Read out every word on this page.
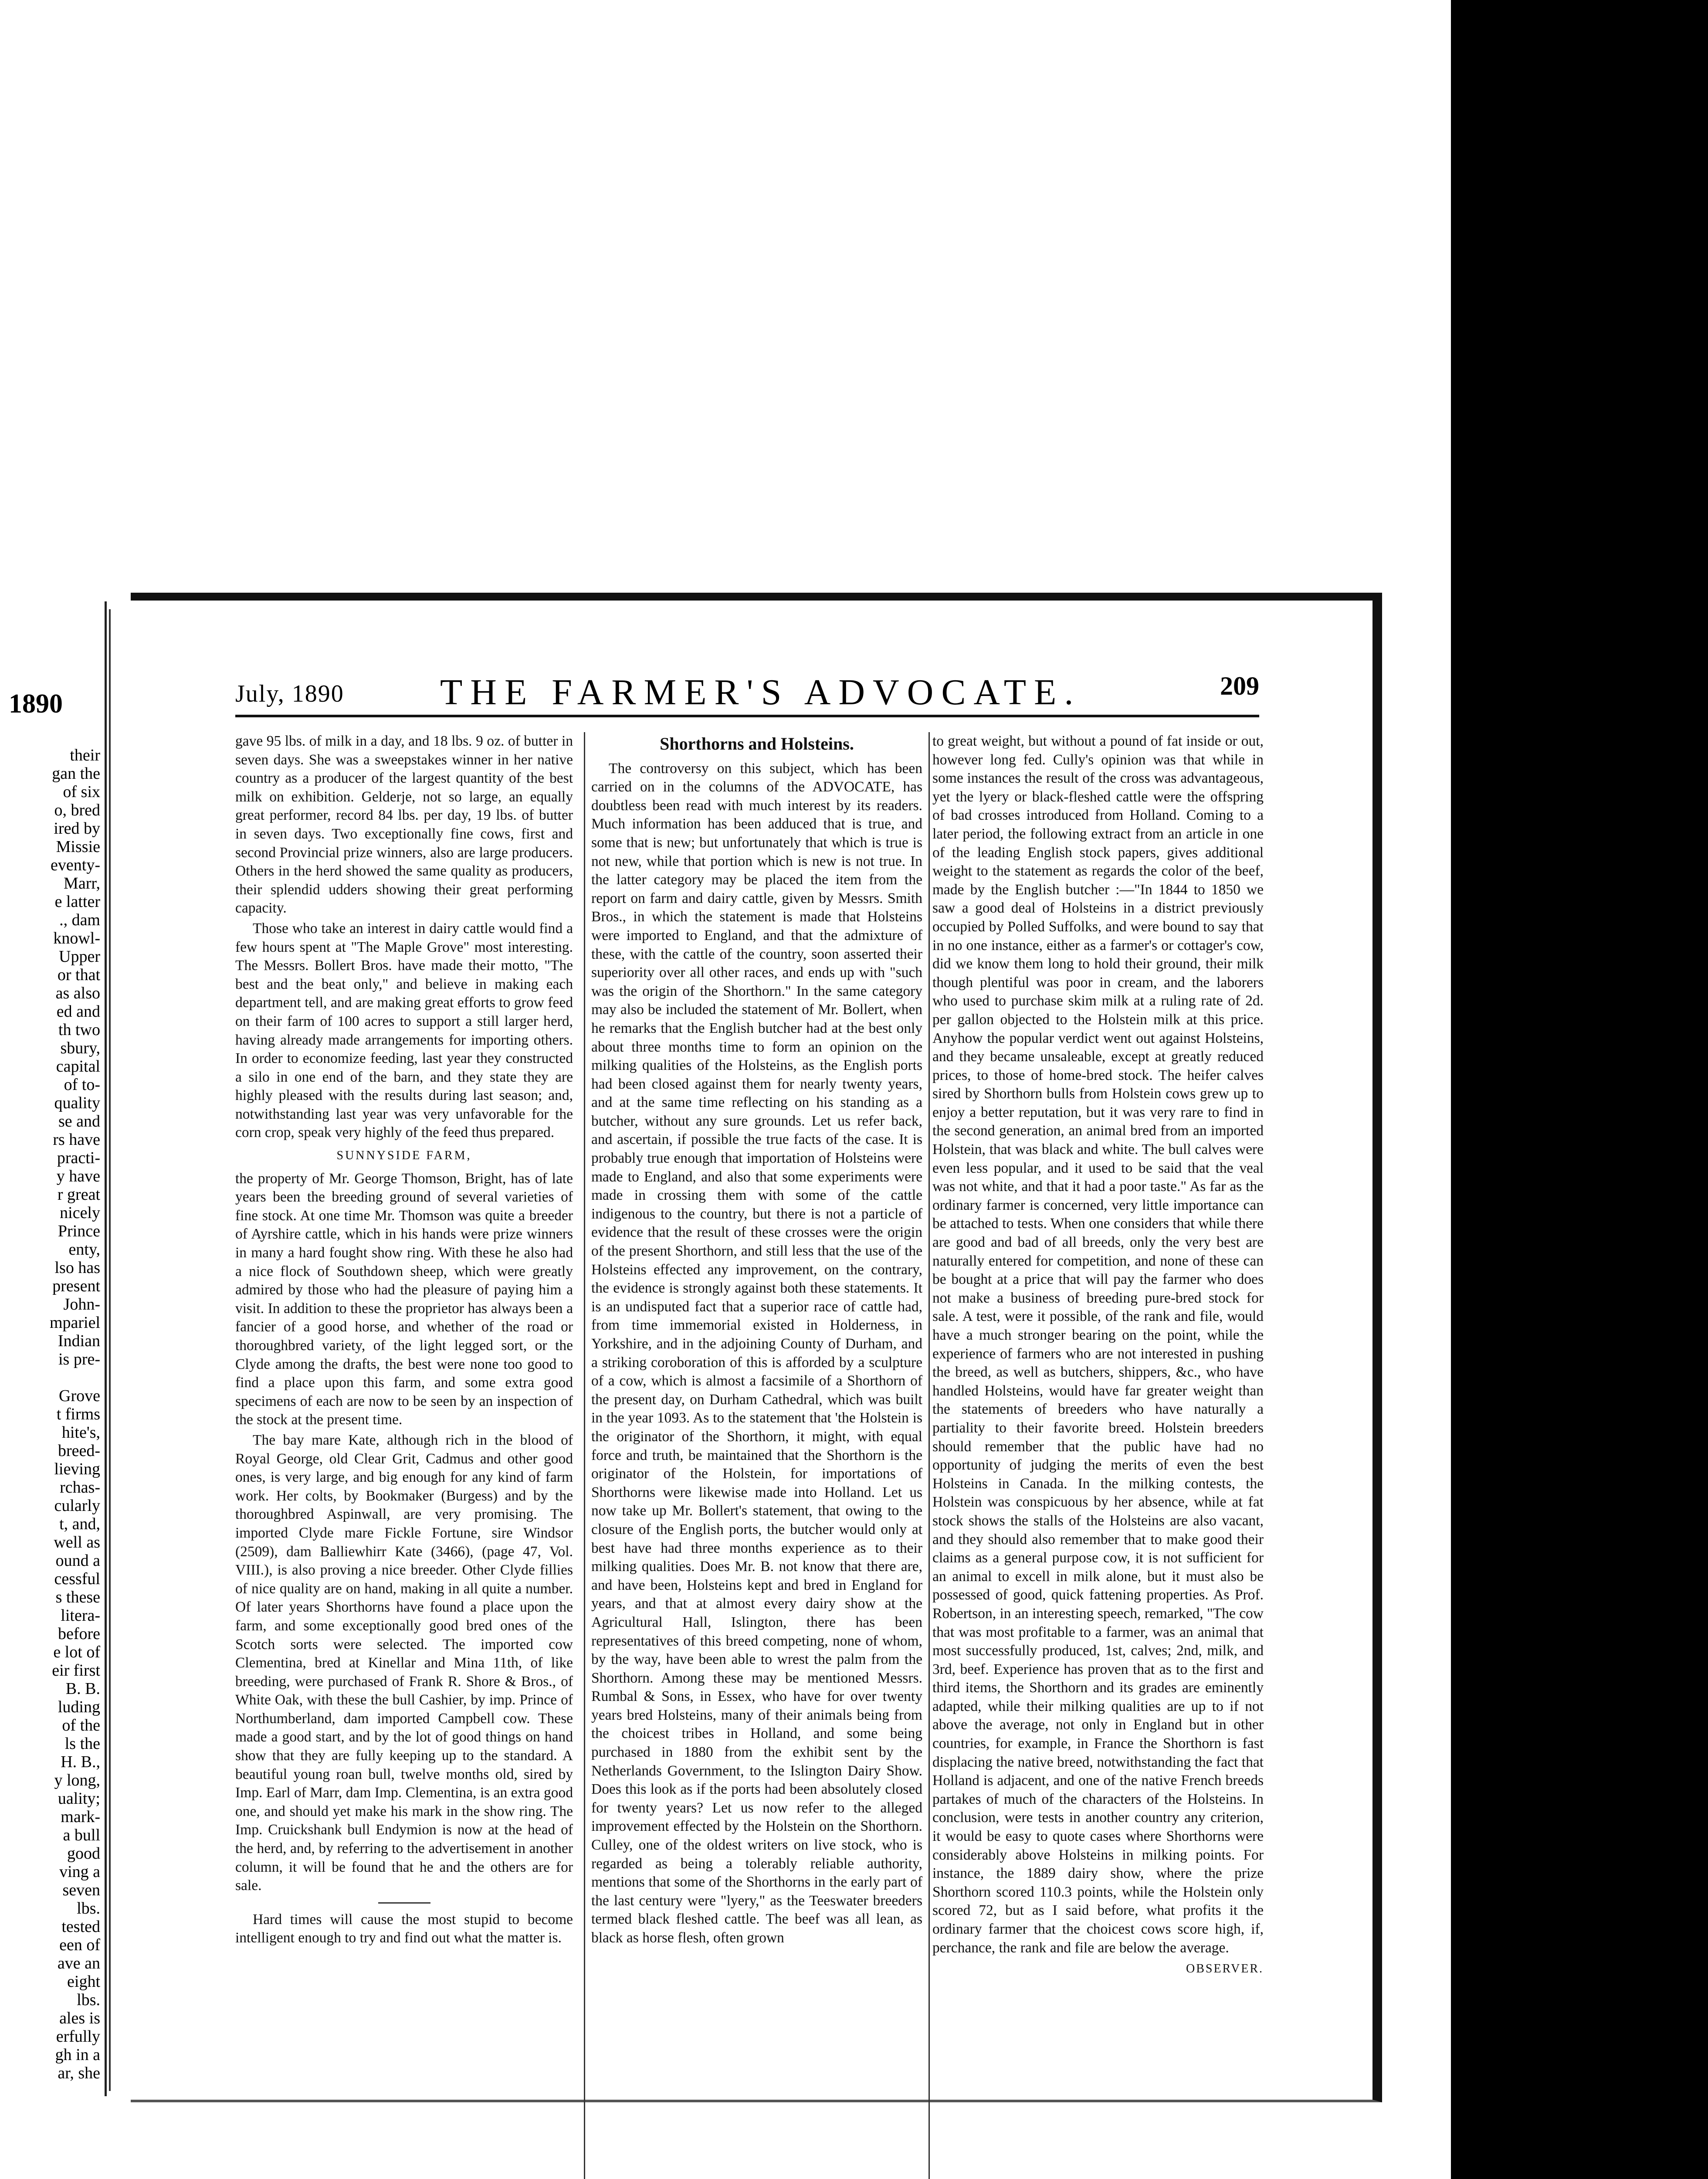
1890
their
gan the
of six
o, bred
ired by
Missie
eventy-
Marr,
e latter
., dam
knowl-
Upper
or that
as also
ed and
th two
sbury,
capital
of to-
quality
se and
rs have
practi-
y have
r great
nicely
Prince
enty,
lso has
present
John-
mpariel
Indian
is pre-
Grove
t firms
hite's,
breed-
lieving
rchas-
cularly
t, and,
well as
ound a
cessful
s these
litera-
before
e lot of
eir first
B. B.
luding
of the
ls the
H. B.,
y long,
uality;
mark-
a bull
good
ving a
seven
lbs.
tested
een of
ave an
eight
lbs.
ales is
erfully
gh in a
ar, she
July, 1890	THE FARMER'S ADVOCATE.	209

gave 95 lbs. of milk in a day, and 18 lbs. 9 oz. of butter in seven days. She was a sweepstakes winner in her native country as a producer of the largest quantity of the best milk on exhibition. Gelderje, not so large, an equally great performer, record 84 lbs. per day, 19 lbs. of butter in seven days. Two exceptionally fine cows, first and second Provincial prize winners, also are large producers. Others in the herd showed the same quality as producers, their splendid udders showing their great performing capacity.

Those who take an interest in dairy cattle would find a few hours spent at "The Maple Grove" most interesting. The Messrs. Bollert Bros. have made their motto, "The best and the beat only," and believe in making each department tell, and are making great efforts to grow feed on their farm of 100 acres to support a still larger herd, having already made arrangements for importing others. In order to economize feeding, last year they constructed a silo in one end of the barn, and they state they are highly pleased with the results during last season; and, notwithstanding last year was very unfavorable for the corn crop, speak very highly of the feed thus prepared.

SUNNYSIDE FARM,

the property of Mr. George Thomson, Bright, has of late years been the breeding ground of several varieties of fine stock. At one time Mr. Thomson was quite a breeder of Ayrshire cattle, which in his hands were prize winners in many a hard fought show ring. With these he also had a nice flock of Southdown sheep, which were greatly admired by those who had the pleasure of paying him a visit. In addition to these the proprietor has always been a fancier of a good horse, and whether of the road or thoroughbred variety, of the light legged sort, or the Clyde among the drafts, the best were none too good to find a place upon this farm, and some extra good specimens of each are now to be seen by an inspection of the stock at the present time.

The bay mare Kate, although rich in the blood of Royal George, old Clear Grit, Cadmus and other good ones, is very large, and big enough for any kind of farm work. Her colts, by Bookmaker (Burgess) and by the thoroughbred Aspinwall, are very promising. The imported Clyde mare Fickle Fortune, sire Windsor (2509), dam Balliewhirr Kate (3466), (page 47, Vol. VIII.), is also proving a nice breeder. Other Clyde fillies of nice quality are on hand, making in all quite a number. Of later years Shorthorns have found a place upon the farm, and some exceptionally good bred ones of the Scotch sorts were selected. The imported cow Clementina, bred at Kinellar and Mina 11th, of like breeding, were purchased of Frank R. Shore & Bros., of White Oak, with these the bull Cashier, by imp. Prince of Northumberland, dam imported Campbell cow. These made a good start, and by the lot of good things on hand show that they are fully keeping up to the standard. A beautiful young roan bull, twelve months old, sired by Imp. Earl of Marr, dam Imp. Clementina, is an extra good one, and should yet make his mark in the show ring. The Imp. Cruickshank bull Endymion is now at the head of the herd, and, by referring to the advertisement in another column, it will be found that he and the others are for sale.

Hard times will cause the most stupid to become intelligent enough to try and find out what the matter is.

Shorthorns and Holsteins.

The controversy on this subject, which has been carried on in the columns of the ADVOCATE, has doubtless been read with much interest by its readers. Much information has been adduced that is true, and some that is new; but unfortunately that which is true is not new, while that portion which is new is not true. In the latter category may be placed the item from the report on farm and dairy cattle, given by Messrs. Smith Bros., in which the statement is made that Holsteins were imported to England, and that the admixture of these, with the cattle of the country, soon asserted their superiority over all other races, and ends up with "such was the origin of the Shorthorn." In the same category may also be included the statement of Mr. Bollert, when he remarks that the English butcher had at the best only about three months time to form an opinion on the milking qualities of the Holsteins, as the English ports had been closed against them for nearly twenty years, and at the same time reflecting on his standing as a butcher, without any sure grounds. Let us refer back, and ascertain, if possible the true facts of the case. It is probably true enough that importation of Holsteins were made to England, and also that some experiments were made in crossing them with some of the cattle indigenous to the country, but there is not a particle of evidence that the result of these crosses were the origin of the present Shorthorn, and still less that the use of the Holsteins effected any improvement, on the contrary, the evidence is strongly against both these statements. It is an undisputed fact that a superior race of cattle had, from time immemorial existed in Holderness, in Yorkshire, and in the adjoining County of Durham, and a striking coroboration of this is afforded by a sculpture of a cow, which is almost a facsimile of a Shorthorn of the present day, on Durham Cathedral, which was built in the year 1093. As to the statement that 'the Holstein is the originator of the Shorthorn, it might, with equal force and truth, be maintained that the Shorthorn is the originator of the Holstein, for importations of Shorthorns were likewise made into Holland. Let us now take up Mr. Bollert's statement, that owing to the closure of the English ports, the butcher would only at best have had three months experience as to their milking qualities. Does Mr. B. not know that there are, and have been, Holsteins kept and bred in England for years, and that at almost every dairy show at the Agricultural Hall, Islington, there has been representatives of this breed competing, none of whom, by the way, have been able to wrest the palm from the Shorthorn. Among these may be mentioned Messrs. Rumbal & Sons, in Essex, who have for over twenty years bred Holsteins, many of their animals being from the choicest tribes in Holland, and some being purchased in 1880 from the exhibit sent by the Netherlands Government, to the Islington Dairy Show. Does this look as if the ports had been absolutely closed for twenty years? Let us now refer to the alleged improvement effected by the Holstein on the Shorthorn. Culley, one of the oldest writers on live stock, who is regarded as being a tolerably reliable authority, mentions that some of the Shorthorns in the early part of the last century were "lyery," as the Teeswater breeders termed black fleshed cattle. The beef was all lean, as black as horse flesh, often grown

to great weight, but without a pound of fat inside or out, however long fed. Cully's opinion was that while in some instances the result of the cross was advantageous, yet the lyery or black-fleshed cattle were the offspring of bad crosses introduced from Holland. Coming to a later period, the following extract from an article in one of the leading English stock papers, gives additional weight to the statement as regards the color of the beef, made by the English butcher :—"In 1844 to 1850 we saw a good deal of Holsteins in a district previously occupied by Polled Suffolks, and were bound to say that in no one instance, either as a farmer's or cottager's cow, did we know them long to hold their ground, their milk though plentiful was poor in cream, and the laborers who used to purchase skim milk at a ruling rate of 2d. per gallon objected to the Holstein milk at this price. Anyhow the popular verdict went out against Holsteins, and they became unsaleable, except at greatly reduced prices, to those of home-bred stock. The heifer calves sired by Shorthorn bulls from Holstein cows grew up to enjoy a better reputation, but it was very rare to find in the second generation, an animal bred from an imported Holstein, that was black and white. The bull calves were even less popular, and it used to be said that the veal was not white, and that it had a poor taste." As far as the ordinary farmer is concerned, very little importance can be attached to tests. When one considers that while there are good and bad of all breeds, only the very best are naturally entered for competition, and none of these can be bought at a price that will pay the farmer who does not make a business of breeding pure-bred stock for sale. A test, were it possible, of the rank and file, would have a much stronger bearing on the point, while the experience of farmers who are not interested in pushing the breed, as well as butchers, shippers, &c., who have handled Holsteins, would have far greater weight than the statements of breeders who have naturally a partiality to their favorite breed. Holstein breeders should remember that the public have had no opportunity of judging the merits of even the best Holsteins in Canada. In the milking contests, the Holstein was conspicuous by her absence, while at fat stock shows the stalls of the Holsteins are also vacant, and they should also remember that to make good their claims as a general purpose cow, it is not sufficient for an animal to excell in milk alone, but it must also be possessed of good, quick fattening properties. As Prof. Robertson, in an interesting speech, remarked, "The cow that was most profitable to a farmer, was an animal that most successfully produced, 1st, calves; 2nd, milk, and 3rd, beef. Experience has proven that as to the first and third items, the Shorthorn and its grades are eminently adapted, while their milking qualities are up to if not above the average, not only in England but in other countries, for example, in France the Shorthorn is fast displacing the native breed, notwithstanding the fact that Holland is adjacent, and one of the native French breeds partakes of much of the characters of the Holsteins. In conclusion, were tests in another country any criterion, it would be easy to quote cases where Shorthorns were considerably above Holsteins in milking points. For instance, the 1889 dairy show, where the prize Shorthorn scored 110.3 points, while the Holstein only scored 72, but as I said before, what profits it the ordinary farmer that the choicest cows score high, if, perchance, the rank and file are below the average.

OBSERVER.
